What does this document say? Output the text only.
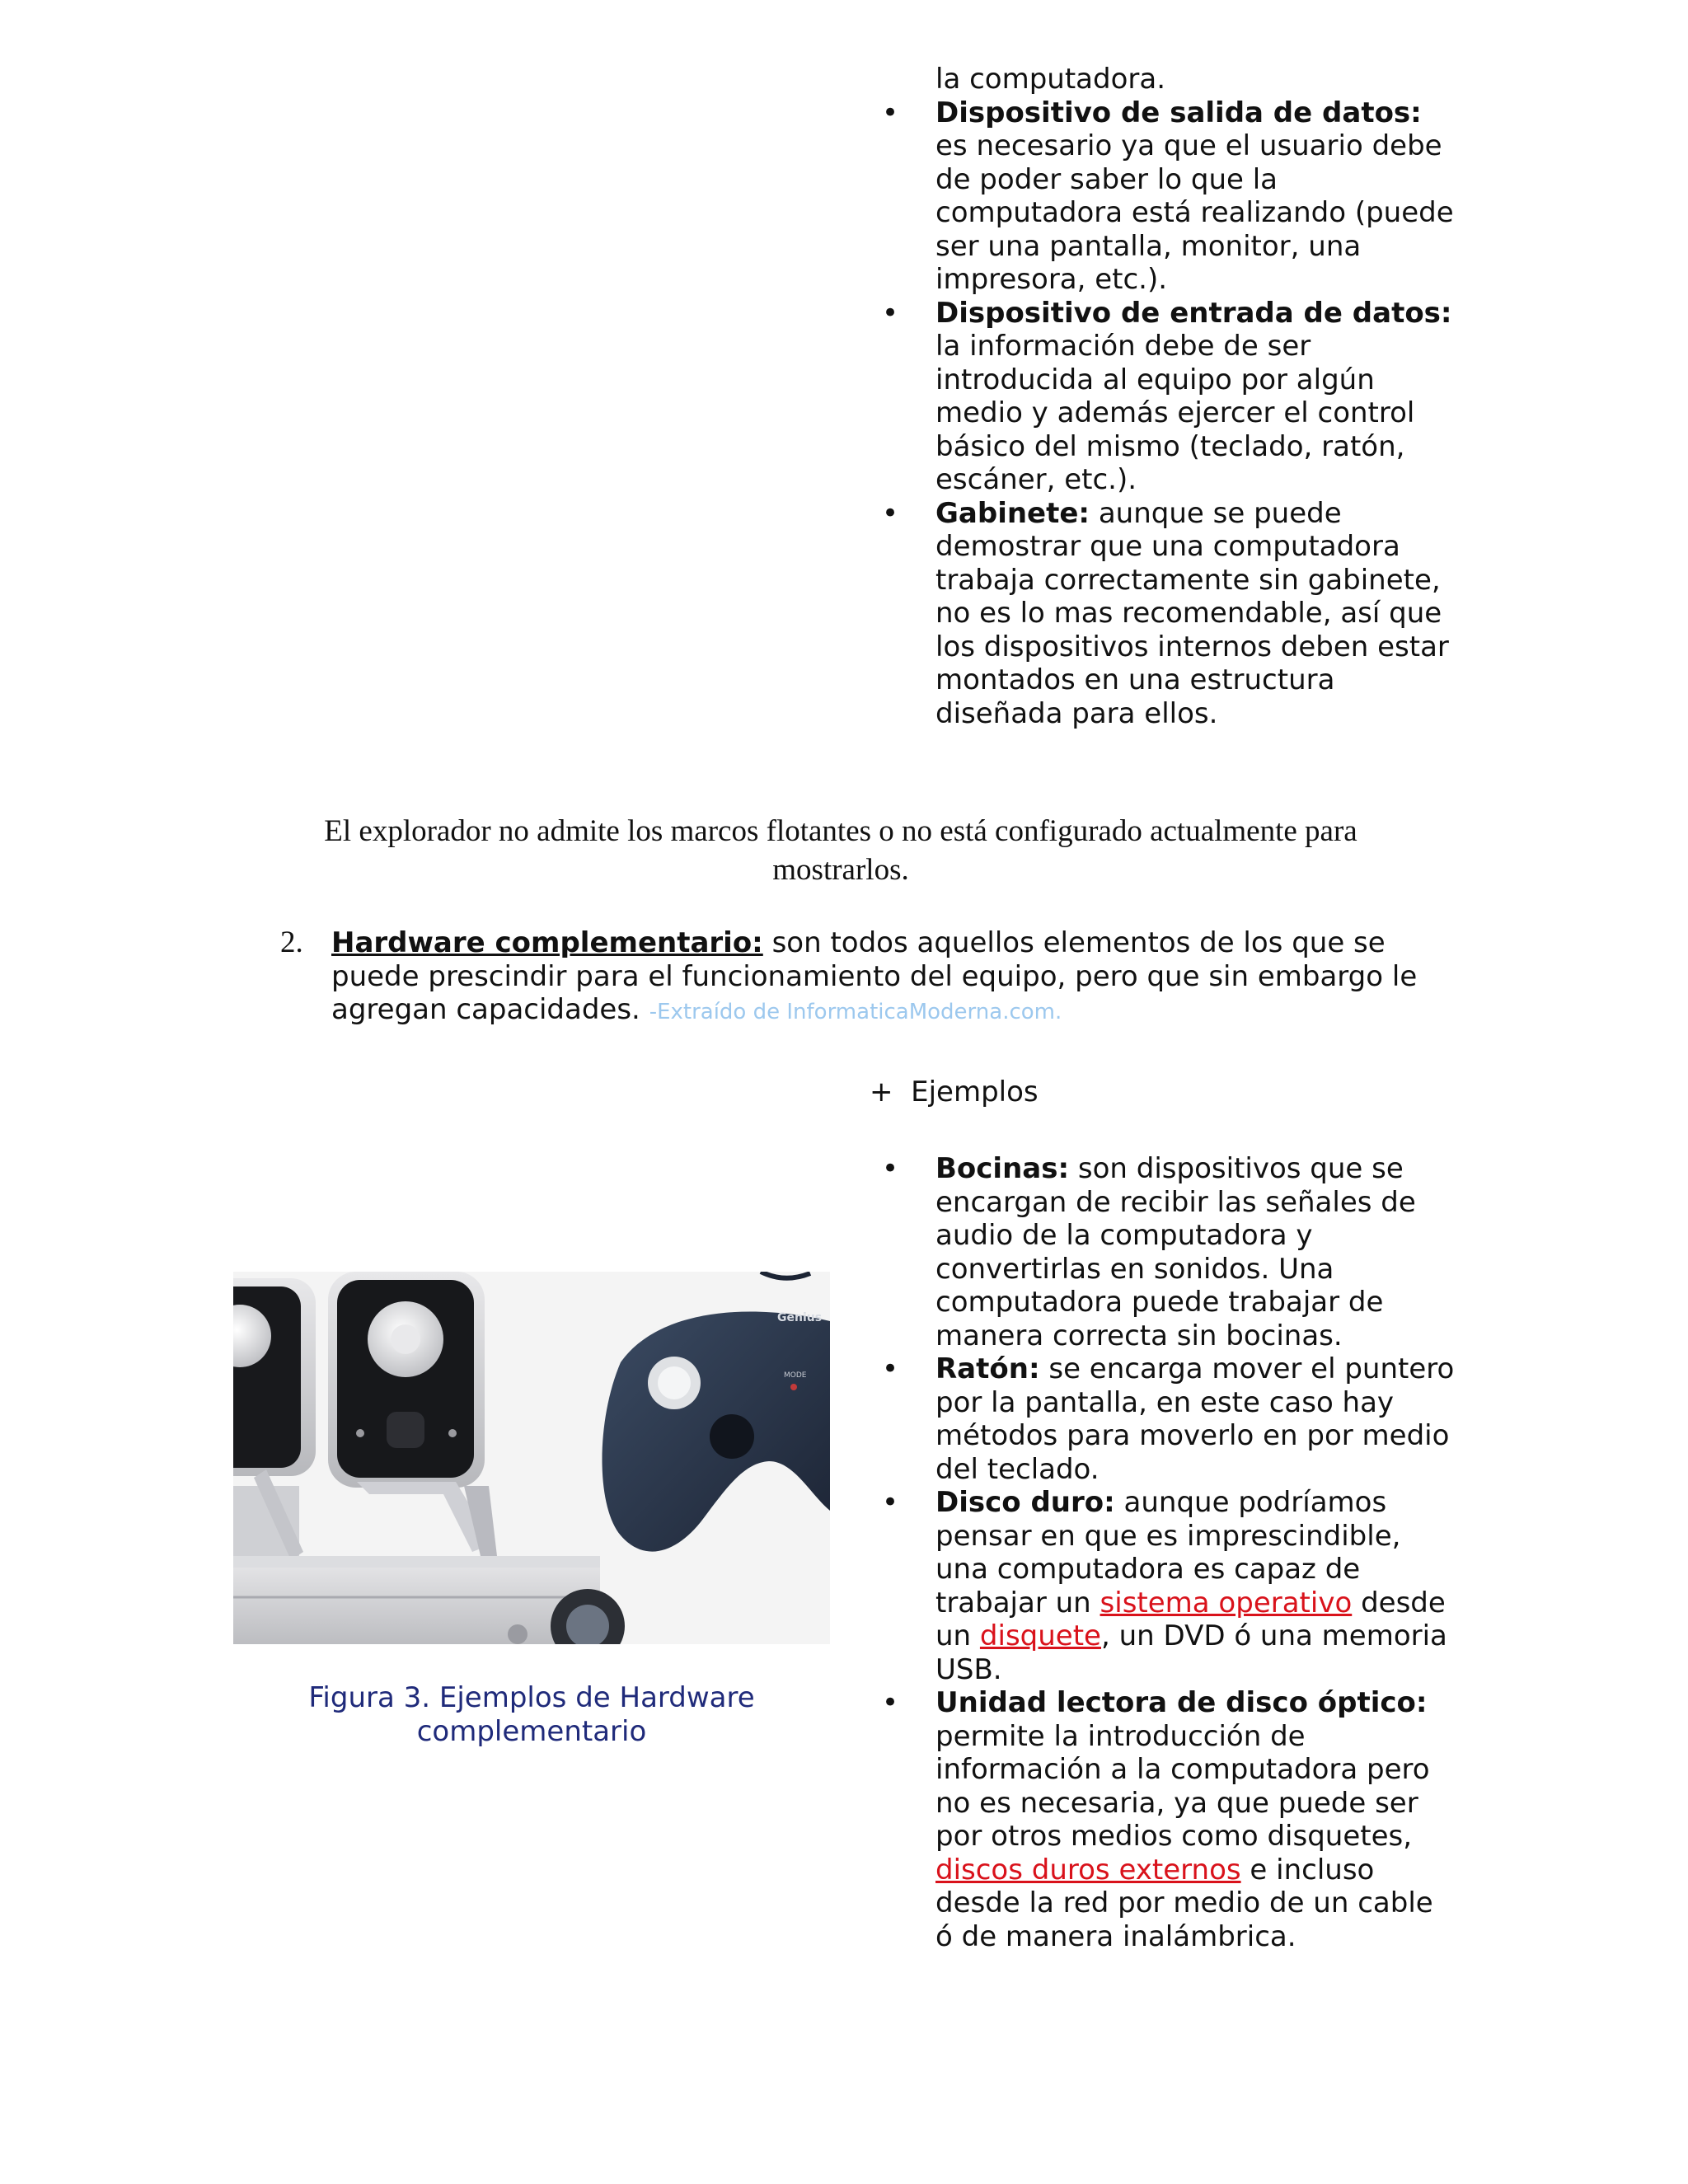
la computadora.

• Dispositivo de salida de datos:
es necesario ya que el usuario debe de poder saber lo que la computadora está realizando (puede ser una pantalla, monitor, una impresora, etc.).
• Dispositivo de entrada de datos:
la información debe de ser introducida al equipo por algún medio y además ejercer el control básico del mismo (teclado, ratón, escáner, etc.).
• Gabinete: aunque se puede demostrar que una computadora trabaja correctamente sin gabinete, no es lo mas recomendable, así que los dispositivos internos deben estar montados en una estructura diseñada para ellos.
El explorador no admite los marcos flotantes o no está configurado actualmente para mostrarlos.
2. Hardware complementario: son todos aquellos elementos de los que se puede prescindir para el funcionamiento del equipo, pero que sin embargo le agregan capacidades. -Extraído de InformaticaModerna.com.
+ Ejemplos
Genius
MODE
Figura 3. Ejemplos de Hardware complementario
• Bocinas: son dispositivos que se encargan de recibir las señales de audio de la computadora y convertirlas en sonidos. Una computadora puede trabajar de manera correcta sin bocinas.
• Ratón: se encarga mover el puntero por la pantalla, en este caso hay métodos para moverlo en por medio del teclado.
• Disco duro: aunque podríamos pensar en que es imprescindible, una computadora es capaz de trabajar un sistema operativo desde un disquete, un DVD ó una memoria USB.
• Unidad lectora de disco óptico: permite la introducción de información a la computadora pero no es necesaria, ya que puede ser por otros medios como disquetes, discos duros externos e incluso desde la red por medio de un cable ó de manera inalámbrica.
